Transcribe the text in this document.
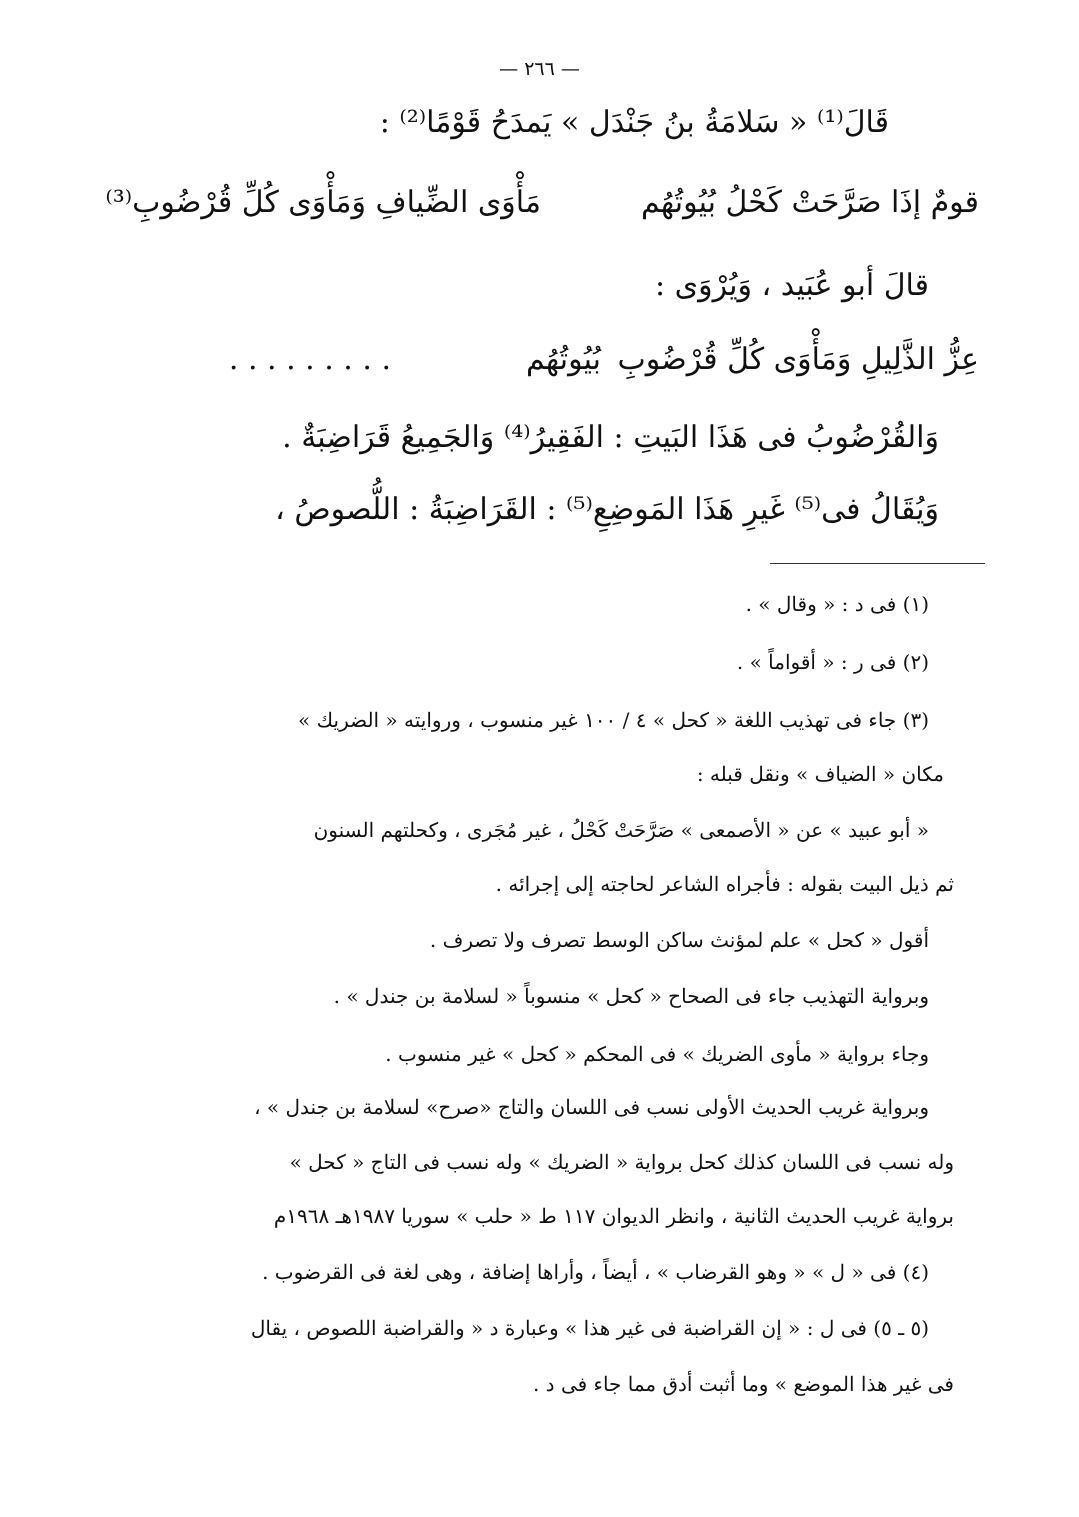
— ٢٦٦ —
قَالَ⁽¹⁾ « سَلامَةُ بنُ جَنْدَل » يَمدَحُ قَوْمًا⁽²⁾ :
قومٌ إذَا صَرَّحَتْ كَحْلُ بُيُوتُهُم
مَأْوَى الضِّيافِ وَمَأْوَى كُلِّ قُرْضُوبِ⁽³⁾
قالَ أبو عُبَيد ، وَيُرْوَى :
بُيُوتُهُم
. . . . . . . . .	عِزُّ الذَّلِيلِ وَمَأْوَى كُلِّ قُرْضُوبِ
وَالقُرْضُوبُ فى هَذَا البَيتِ : الفَقِيرُ⁽⁴⁾ وَالجَمِيعُ قَرَاضِبَةٌ .
وَيُقَالُ فى⁽⁵⁾ غَيرِ هَذَا المَوضِعِ⁽⁵⁾ : القَرَاضِبَةُ : اللُّصوصُ ،
(١) فى د : « وقال » .
(٢) فى ر : « أقواماً » .
(٣) جاء فى تهذيب اللغة « كحل » ٤ / ١٠٠ غير منسوب ، وروايته « الضريك »
مكان « الضياف » ونقل قبله :
« أبو عبيد » عن « الأصمعى » صَرَّحَتْ كَحْلُ ، غير مُجَرى ، وكحلتهم السنون
ثم ذيل البيت بقوله : فأجراه الشاعر لحاجته إلى إجرائه .
أقول « كحل » علم لمؤنث ساكن الوسط تصرف ولا تصرف .
وبرواية التهذيب جاء فى الصحاح « كحل » منسوباً « لسلامة بن جندل » .
وجاء برواية « مأوى الضريك » فى المحكم « كحل » غير منسوب .
وبرواية غريب الحديث الأولى نسب فى اللسان والتاج «صرح» لسلامة بن جندل » ،
وله نسب فى اللسان كذلك كحل برواية « الضريك » وله نسب فى التاج « كحل »
برواية غريب الحديث الثانية ، وانظر الديوان ١١٧ ط « حلب » سوريا ١٩٨٧هـ ١٩٦٨م
(٤) فى « ل » « وهو القرضاب » ، أيضاً ، وأراها إضافة ، وهى لغة فى القرضوب .
(٥ ـ ٥) فى ل : « إن القراضبة فى غير هذا » وعبارة د « والقراضبة اللصوص ، يقال
فى غير هذا الموضع » وما أثبت أدق مما جاء فى د .
